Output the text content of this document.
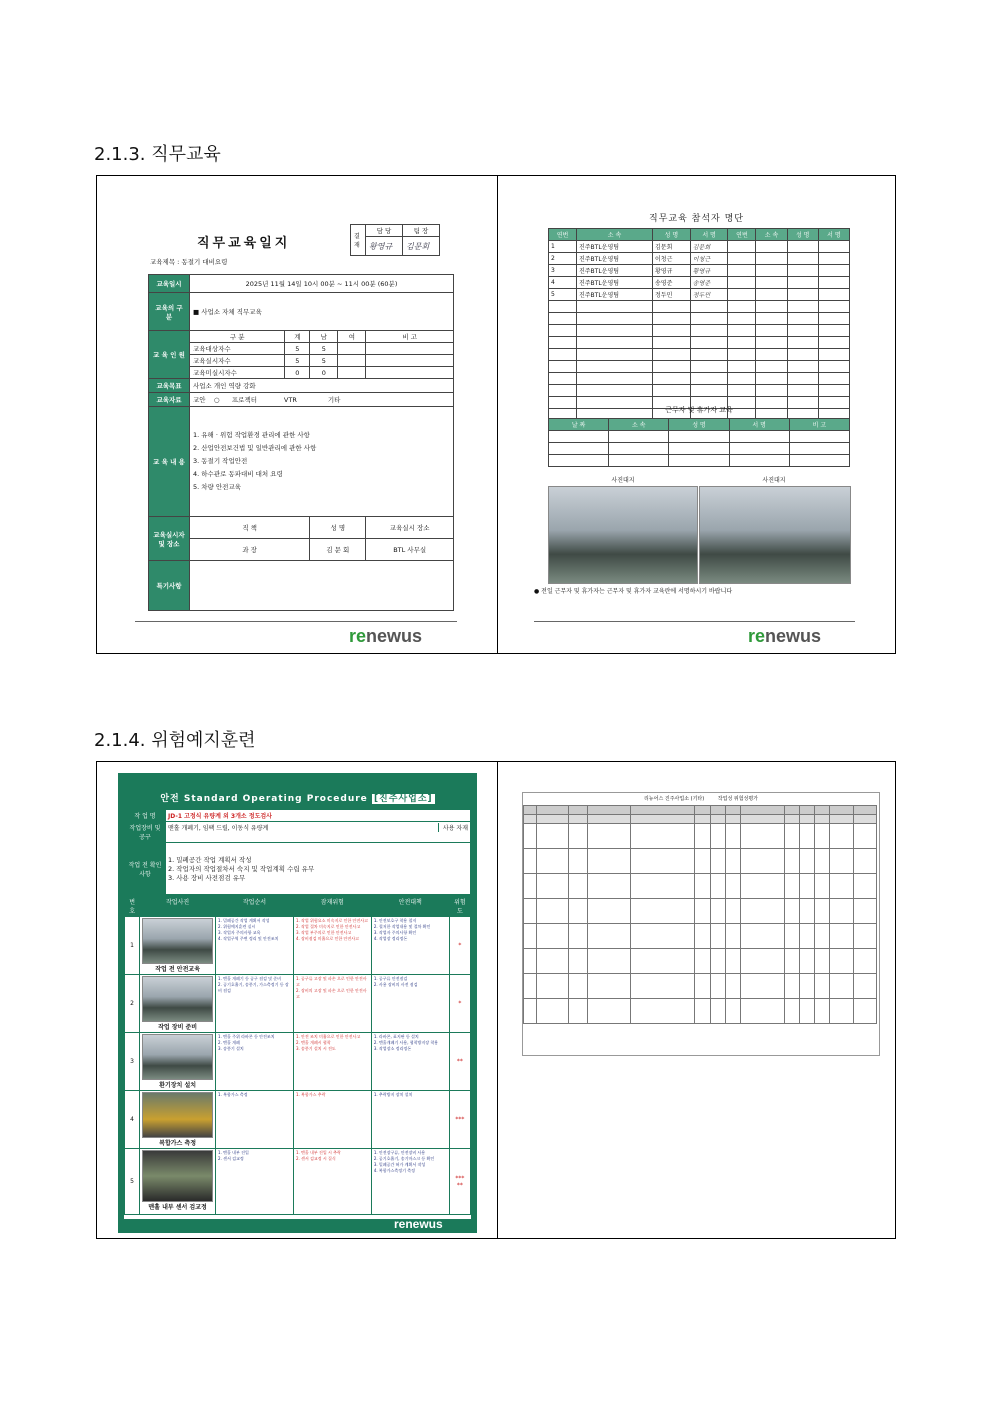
2.1.3. 직무교육
직무교육일지	결재	담 당	팀 장
	황영규	김문회
교육제목 : 동절기 대비요령
교육일시	2025년 11월 14일 10시 00분 ~ 11시 00분 (60분)				
교육의 구 분	■ 사업소 자체 직무교육				
교 육 인 원	구 분	계	남	여	비 고
	교육대상자수	5	5		
	교육실시자수	5	5		
	교육미실시자수	0	0		
교육목표	사업소 개인 역량 강화				
교육자료	교안 ○ 프로젝터 VTR 기타				
교 육 내 용	1. 유해 · 위험 작업환경 관리에 관한 사항
2. 산업안전보건법 및 일반관리에 관한 사항
3. 동절기 작업안전
4. 하수관로 동파대비 대처 요령
5. 차량 안전교육				

교육실시자 및 장소	직 책		성 명		교육실시 장소
	과 장		김 문 회		BTL 사무실
특기사항					
renewus
직무교육 참석자 명단
연번	소 속	성 명	서 명	연번	소 속	성 명	서 명
1	진주BTL운영팀	김문회	김문회				
2	진주BTL운영팀	이청근	이청근				
3	진주BTL운영팀	황영규	황영규				
4	진주BTL운영팀	송영준	송영준				
5	진주BTL운영팀	정두민	정두민				

근무자 및 휴가자 교육
날 짜	소 속	성 명	서 명	비 고

사진대지	사진대지
● 전일 근무자 및 휴가자는 근무자 및 휴가자 교육란에 서명하시기 바랍니다
renewus
2.1.4. 위험예지훈련
안전 Standard Operating Procedure [진주사업소]
작 업 명	JD-1 고정식 유량계 외 3개소 정도검사
작업장비 및 공구	맨홀 개폐기, 임팩 드릴, 이동식 유량계 사용 자재

작업 전 확인사항	1. 밀폐공간 작업 계획서 작성
2. 작업자의 작업절차서 숙지 및 작업계획 수립 유무
3. 사용 장비 사전점검 유무
번호	작업사진	작업순서	잠재위험	안전대책	위험도
1	작업 전 안전교육	1. 밀폐공간 작업 계획서 작성
2. 위험예지훈련 실시
3. 작업자 주의사항 교육
4. 작업구역 주변 정리 및 안전조치	1. 작업 위험요소 미숙지로 인한 안전사고
2. 작업 절차 미숙지로 인한 안전사고
3. 작업 부주의로 인한 안전사고
4. 장비점검 미흡으로 인한 안전사고	1. 안전보호구 착용 철저
2. 철저한 작업내용 및 절차 확인
3. 작업자 주의사항 확인
4. 작업장 정리정돈	*
2	작업 장비 준비	1. 맨홀 개폐기 등 공구 점검 및 준비
2. 공기호흡기, 송풍기, 가스측정기 등 장비 점검	1. 공구류 고장 및 파손 으로 인한 안전사고
2. 장비의 고장 및 파손 으로 인한 안전사고	1. 공구류 안전점검
2. 사용 장비의 사전 점검	*
3	환기장치 설치	1. 맨홀 주위 라바콘 등 안전조치
2. 맨홀 개폐
3. 송풍기 설치	1. 안전 조치 미흡으로 인한 안전사고
2. 맨홀 개폐시 협착
3. 송풍기 설치 시 전도	1. 라바콘, 표지판 등 설치
2. 맨홀개폐기 사용, 협착방지장 착용
3. 작업장소 정리정돈	**
4	복합가스 측정	1. 복합가스 측정	1. 복합가스 추락	1. 추락방지 장치 설치	***
5	맨홀 내부 센서 검교정	1. 맨홀 내부 진입
2. 센서 검교정	1. 맨홀 내부 진입 시 추락
2. 센서 검교정 시 질식	1. 안전장구류, 안전장비 사용
2. 공기호흡기, 송기마스크 등 확인
3. 밀폐공간 허가 계획서 작성
4. 복합가스측정기 측정	*** **
renewus
리뉴어스 진주사업소 (기타)	작업성 위험성평가
